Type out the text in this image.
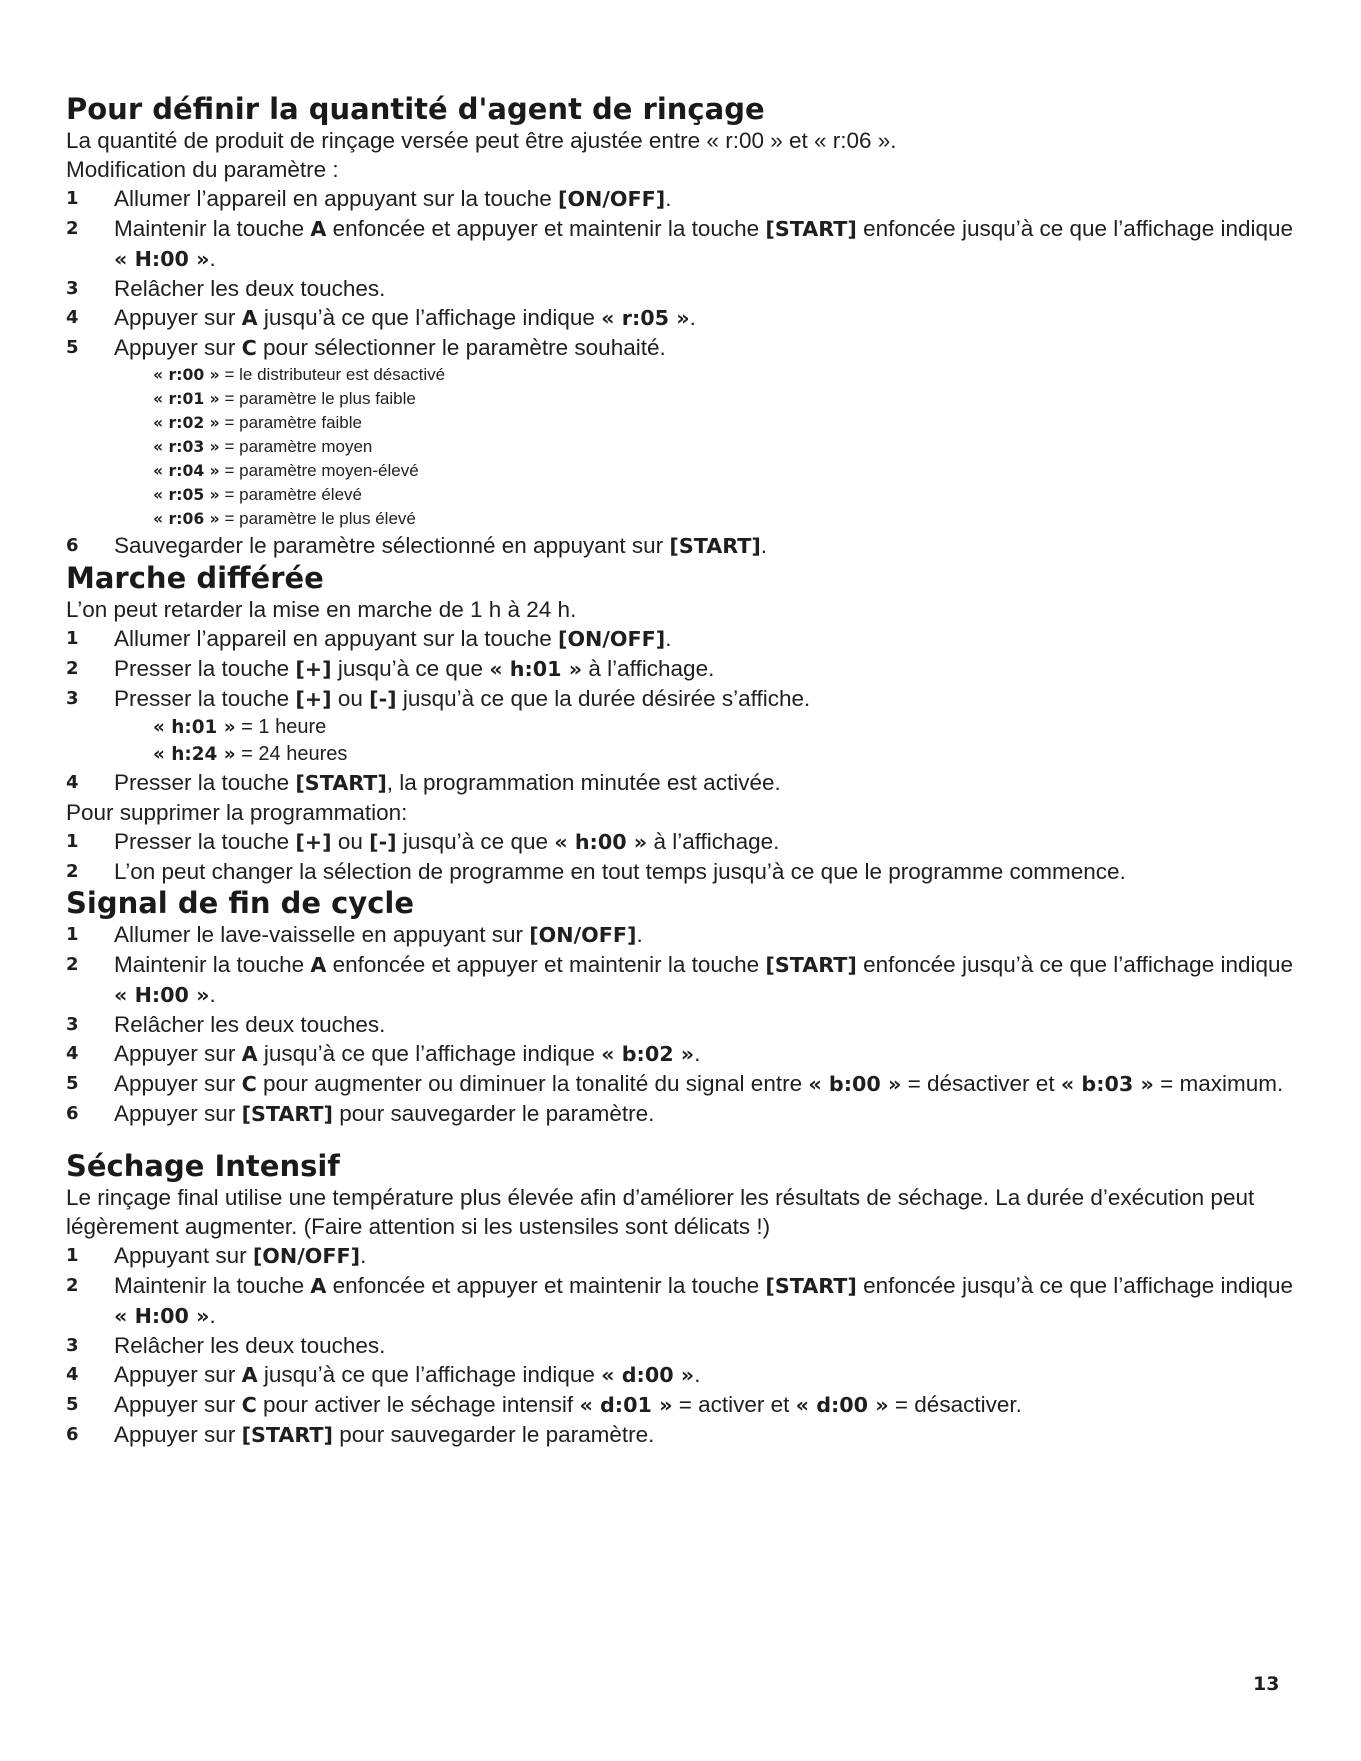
Pour définir la quantité d'agent de rinçage

La quantité de produit de rinçage versée peut être ajustée entre « r:00 » et « r:06 ».

Modification du paramètre :

1	Allumer l’appareil en appuyant sur la touche [ON/OFF].
2	Maintenir la touche A enfoncée et appuyer et maintenir la touche [START] enfoncée jusqu’à ce que l’affichage indique « H:00 ».
3	Relâcher les deux touches.
4	Appuyer sur A jusqu’à ce que l’affichage indique « r:05 ».
5	Appuyer sur C pour sélectionner le paramètre souhaité.
« r:00 » = le distributeur est désactivé
« r:01 » = paramètre le plus faible
« r:02 » = paramètre faible
« r:03 » = paramètre moyen
« r:04 » = paramètre moyen-élevé
« r:05 » = paramètre élevé
« r:06 » = paramètre le plus élevé
6	Sauvegarder le paramètre sélectionné en appuyant sur [START].
Marche différée

L’on peut retarder la mise en marche de 1 h à 24 h.

1	Allumer l’appareil en appuyant sur la touche [ON/OFF].
2	Presser la touche [+] jusqu’à ce que « h:01 » à l’affichage.
3	Presser la touche [+] ou [-] jusqu’à ce que la durée désirée s’affiche.
« h:01 » = 1 heure
« h:24 » = 24 heures
4	Presser la touche [START], la programmation minutée est activée.

Pour supprimer la programmation:

1	Presser la touche [+] ou [-] jusqu’à ce que « h:00 » à l’affichage.
2	L’on peut changer la sélection de programme en tout temps jusqu’à ce que le programme commence.
Signal de fin de cycle
1	Allumer le lave-vaisselle en appuyant sur [ON/OFF].
2	Maintenir la touche A enfoncée et appuyer et maintenir la touche [START] enfoncée jusqu’à ce que l’affichage indique « H:00 ».
3	Relâcher les deux touches.
4	Appuyer sur A jusqu’à ce que l’affichage indique « b:02 ».
5	Appuyer sur C pour augmenter ou diminuer la tonalité du signal entre « b:00 » = désactiver et « b:03 » = maximum.
6	Appuyer sur [START] pour sauvegarder le paramètre.
Séchage Intensif

Le rinçage final utilise une température plus élevée afin d’améliorer les résultats de séchage. La durée d’exécution peut légèrement augmenter. (Faire attention si les ustensiles sont délicats !)

1	Appuyant sur [ON/OFF].
2	Maintenir la touche A enfoncée et appuyer et maintenir la touche [START] enfoncée jusqu’à ce que l’affichage indique « H:00 ».
3	Relâcher les deux touches.
4	Appuyer sur A jusqu’à ce que l’affichage indique « d:00 ».
5	Appuyer sur C pour activer le séchage intensif « d:01 » = activer et « d:00 » = désactiver.
6	Appuyer sur [START] pour sauvegarder le paramètre.
13
